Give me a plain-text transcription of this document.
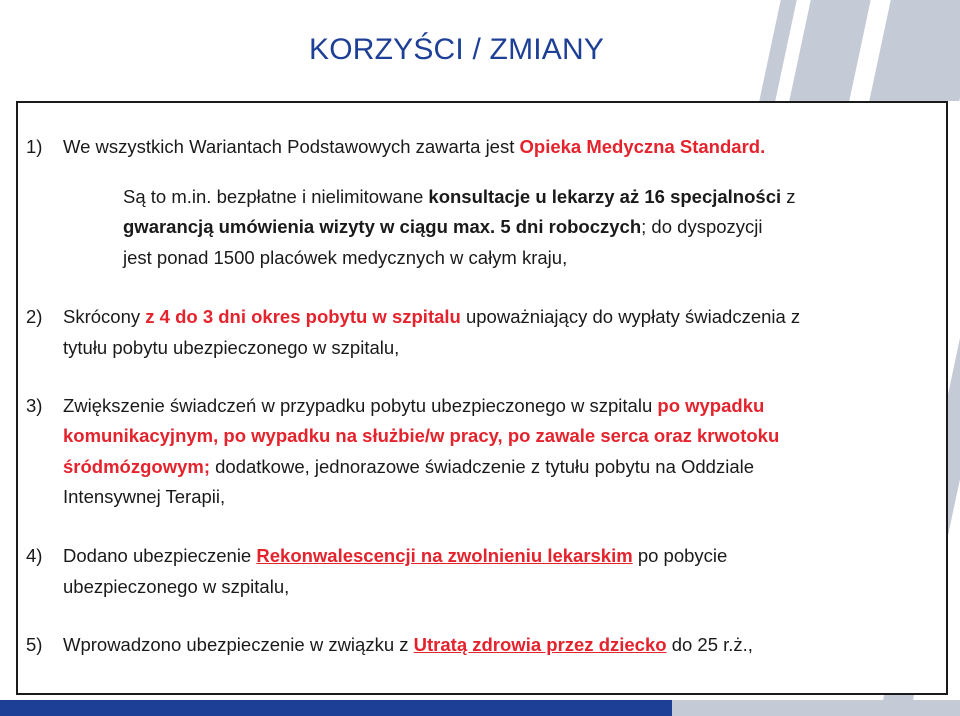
KORZYŚCI / ZMIANY
1) We wszystkich Wariantach Podstawowych zawarta jest Opieka Medyczna Standard.
Są to m.in. bezpłatne i nielimitowane konsultacje u lekarzy aż 16 specjalności z
gwarancją umówienia wizyty w ciągu max. 5 dni roboczych; do dyspozycji
jest ponad 1500 placówek medycznych w całym kraju,
2) Skrócony z 4 do 3 dni okres pobytu w szpitalu upoważniający do wypłaty świadczenia z
tytułu pobytu ubezpieczonego w szpitalu,
3) Zwiększenie świadczeń w przypadku pobytu ubezpieczonego w szpitalu po wypadku
komunikacyjnym, po wypadku na służbie/w pracy, po zawale serca oraz krwotoku
śródmózgowym; dodatkowe, jednorazowe świadczenie z tytułu pobytu na Oddziale
Intensywnej Terapii,
4) Dodano ubezpieczenie Rekonwalescencji na zwolnieniu lekarskim po pobycie
ubezpieczonego w szpitalu,
5) Wprowadzono ubezpieczenie w związku z Utratą zdrowia przez dziecko do 25 r.ż.,
